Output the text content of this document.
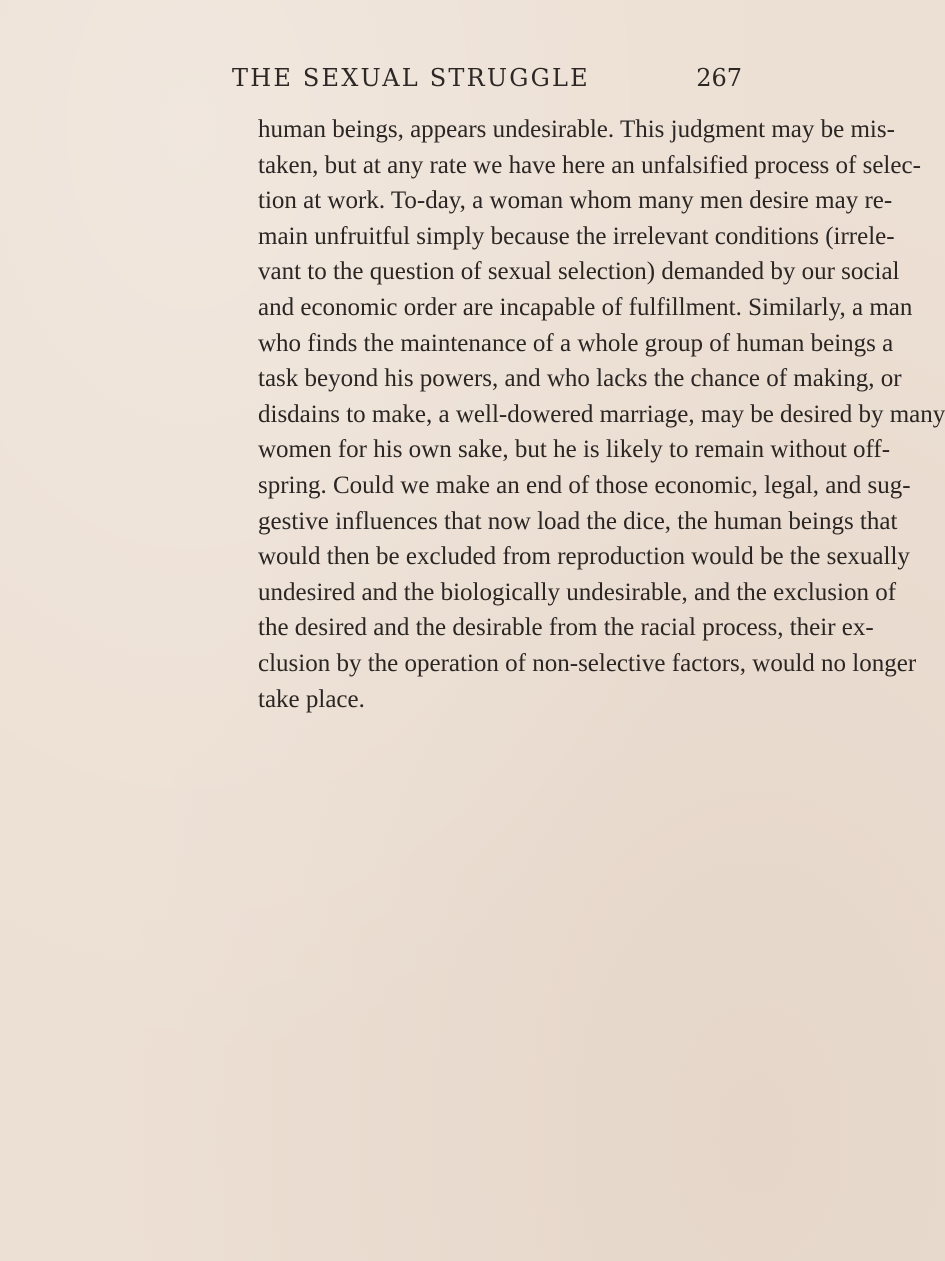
THE SEXUAL STRUGGLE	267
human beings, appears undesirable. This judgment may be mis-
taken, but at any rate we have here an unfalsified process of selec-
tion at work. To-day, a woman whom many men desire may re-
main unfruitful simply because the irrelevant conditions (irrele-
vant to the question of sexual selection) demanded by our social
and economic order are incapable of fulfillment. Similarly, a man
who finds the maintenance of a whole group of human beings a
task beyond his powers, and who lacks the chance of making, or
disdains to make, a well-dowered marriage, may be desired by many
women for his own sake, but he is likely to remain without off-
spring. Could we make an end of those economic, legal, and sug-
gestive influences that now load the dice, the human beings that
would then be excluded from reproduction would be the sexually
undesired and the biologically undesirable, and the exclusion of
the desired and the desirable from the racial process, their ex-
clusion by the operation of non-selective factors, would no longer
take place.
